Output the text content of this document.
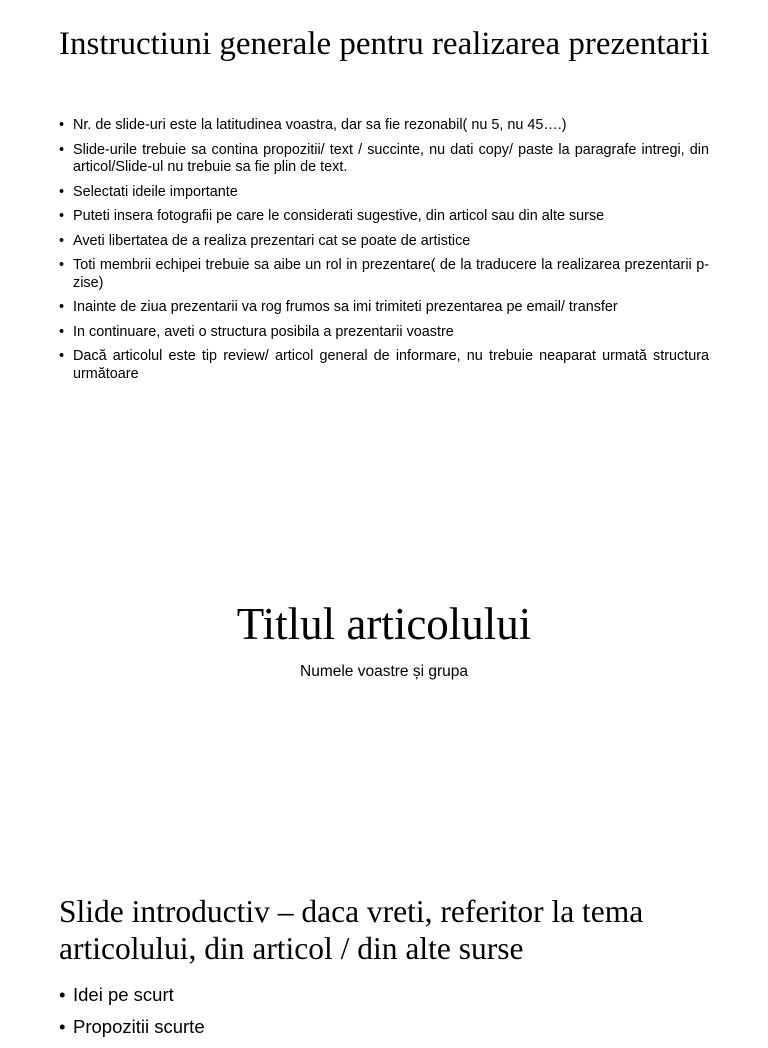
Instructiuni generale pentru realizarea prezentarii
• Nr. de slide-uri este la latitudinea voastra, dar sa fie rezonabil( nu 5, nu 45….)
• Slide-urile trebuie sa contina propozitii/ text / succinte, nu dati copy/ paste la paragrafe intregi, din articol/Slide-ul nu trebuie sa fie plin de text.
• Selectati ideile importante
• Puteti insera fotografii pe care le considerati sugestive, din articol sau din alte surse
• Aveti libertatea de a realiza prezentari cat se poate de artistice
• Toti membrii echipei trebuie sa aibe un rol in prezentare( de la traducere la realizarea prezentarii p-zise)
• Inainte de ziua prezentarii va rog frumos sa imi trimiteti prezentarea pe email/ transfer
• In continuare, aveti o structura posibila a prezentarii voastre
• Dacă articolul este tip review/ articol general de informare, nu trebuie neaparat urmată structura următoare
Titlul articolului

Numele voastre și grupa

Slide introductiv – daca vreti, referitor la tema articolului, din articol / din alte surse
• Idei pe scurt
• Propozitii scurte
